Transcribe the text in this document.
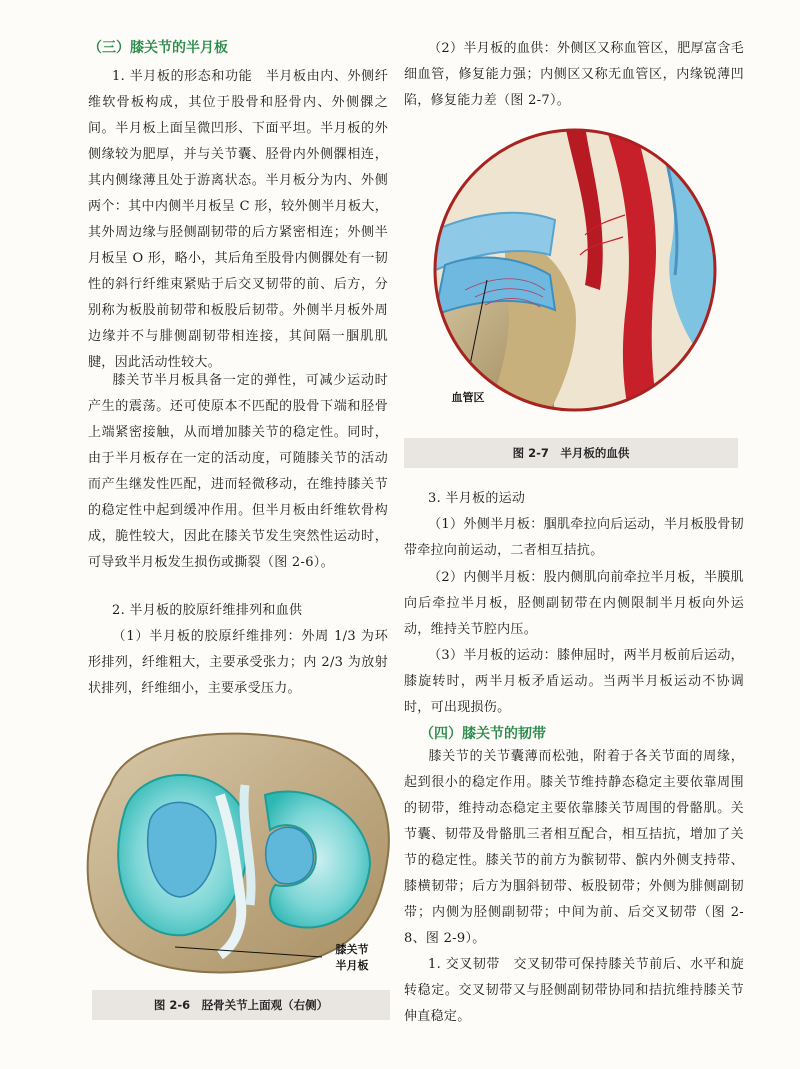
（三）膝关节的半月板

1. 半月板的形态和功能　半月板由内、外侧纤维软骨板构成，其位于股骨和胫骨内、外侧髁之间。半月板上面呈微凹形、下面平坦。半月板的外侧缘较为肥厚，并与关节囊、胫骨内外侧髁相连，其内侧缘薄且处于游离状态。半月板分为内、外侧两个：其中内侧半月板呈 C 形，较外侧半月板大，其外周边缘与胫侧副韧带的后方紧密相连；外侧半月板呈 O 形，略小，其后角至股骨内侧髁处有一韧性的斜行纤维束紧贴于后交叉韧带的前、后方，分别称为板股前韧带和板股后韧带。外侧半月板外周边缘并不与腓侧副韧带相连接，其间隔一腘肌肌腱，因此活动性较大。

膝关节半月板具备一定的弹性，可减少运动时产生的震荡。还可使原本不匹配的股骨下端和胫骨上端紧密接触，从而增加膝关节的稳定性。同时，由于半月板存在一定的活动度，可随膝关节的活动而产生继发性匹配，进而轻微移动，在维持膝关节的稳定性中起到缓冲作用。但半月板由纤维软骨构成，脆性较大，因此在膝关节发生突然性运动时，可导致半月板发生损伤或撕裂（图 2-6）。

2. 半月板的胶原纤维排列和血供

（1）半月板的胶原纤维排列：外周 1/3 为环形排列，纤维粗大，主要承受张力；内 2/3 为放射状排列，纤维细小，主要承受压力。

膝关节
半月板
图 2-6　胫骨关节上面观（右侧）

（2）半月板的血供：外侧区又称血管区，肥厚富含毛细血管，修复能力强；内侧区又称无血管区，内缘锐薄凹陷，修复能力差（图 2-7）。

血管区
图 2-7　半月板的血供

3. 半月板的运动

（1）外侧半月板：腘肌牵拉向后运动，半月板股骨韧带牵拉向前运动，二者相互拮抗。

（2）内侧半月板：股内侧肌向前牵拉半月板，半膜肌向后牵拉半月板，胫侧副韧带在内侧限制半月板向外运动，维持关节腔内压。

（3）半月板的运动：膝伸屈时，两半月板前后运动，膝旋转时，两半月板矛盾运动。当两半月板运动不协调时，可出现损伤。

（四）膝关节的韧带

膝关节的关节囊薄而松弛，附着于各关节面的周缘，起到很小的稳定作用。膝关节维持静态稳定主要依靠周围的韧带，维持动态稳定主要依靠膝关节周围的骨骼肌。关节囊、韧带及骨骼肌三者相互配合，相互拮抗，增加了关节的稳定性。膝关节的前方为髌韧带、髌内外侧支持带、膝横韧带；后方为腘斜韧带、板股韧带；外侧为腓侧副韧带；内侧为胫侧副韧带；中间为前、后交叉韧带（图 2-8、图 2-9）。

1. 交叉韧带　交叉韧带可保持膝关节前后、水平和旋转稳定。交叉韧带又与胫侧副韧带协同和拮抗维持膝关节伸直稳定。
